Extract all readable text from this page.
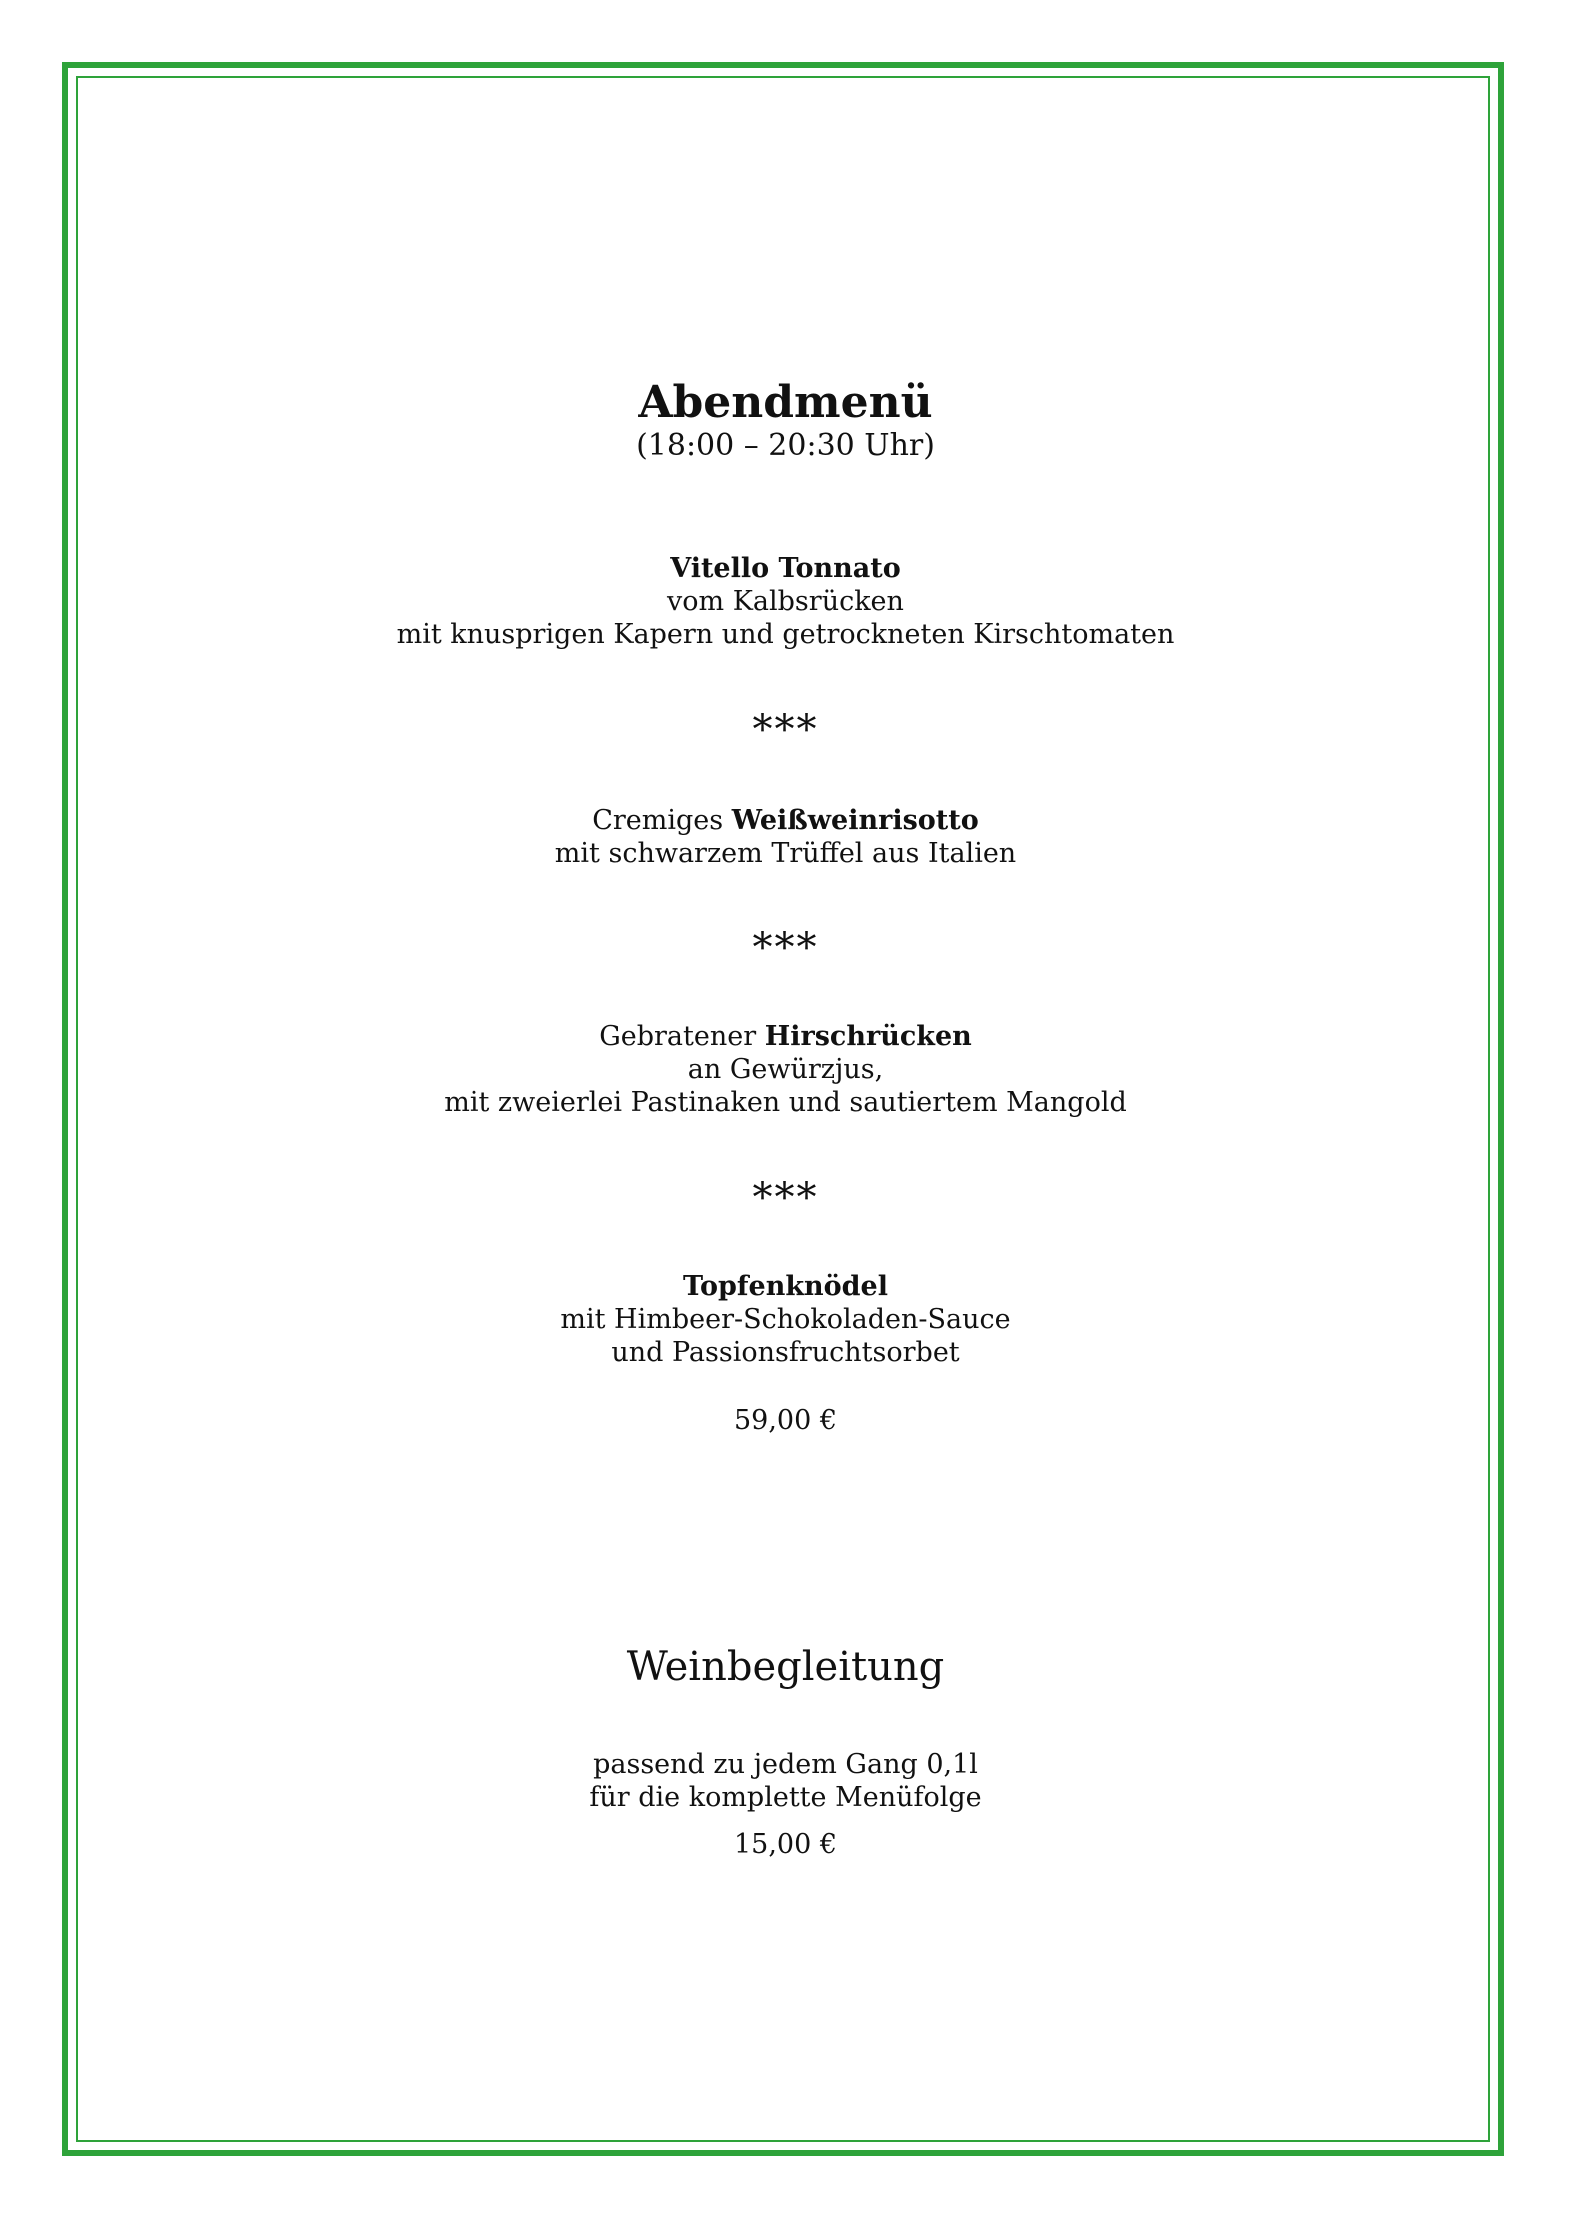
Abendmenü
(18:00 – 20:30 Uhr)
Vitello Tonnato
vom Kalbsrücken
mit knusprigen Kapern und getrockneten Kirschtomaten
***
Cremiges Weißweinrisotto
mit schwarzem Trüffel aus Italien
***
Gebratener Hirschrücken
an Gewürzjus,
mit zweierlei Pastinaken und sautiertem Mangold
***
Topfenknödel
mit Himbeer-Schokoladen-Sauce
und Passionsfruchtsorbet
59,00 €
Weinbegleitung
passend zu jedem Gang 0,1l
für die komplette Menüfolge
15,00 €
